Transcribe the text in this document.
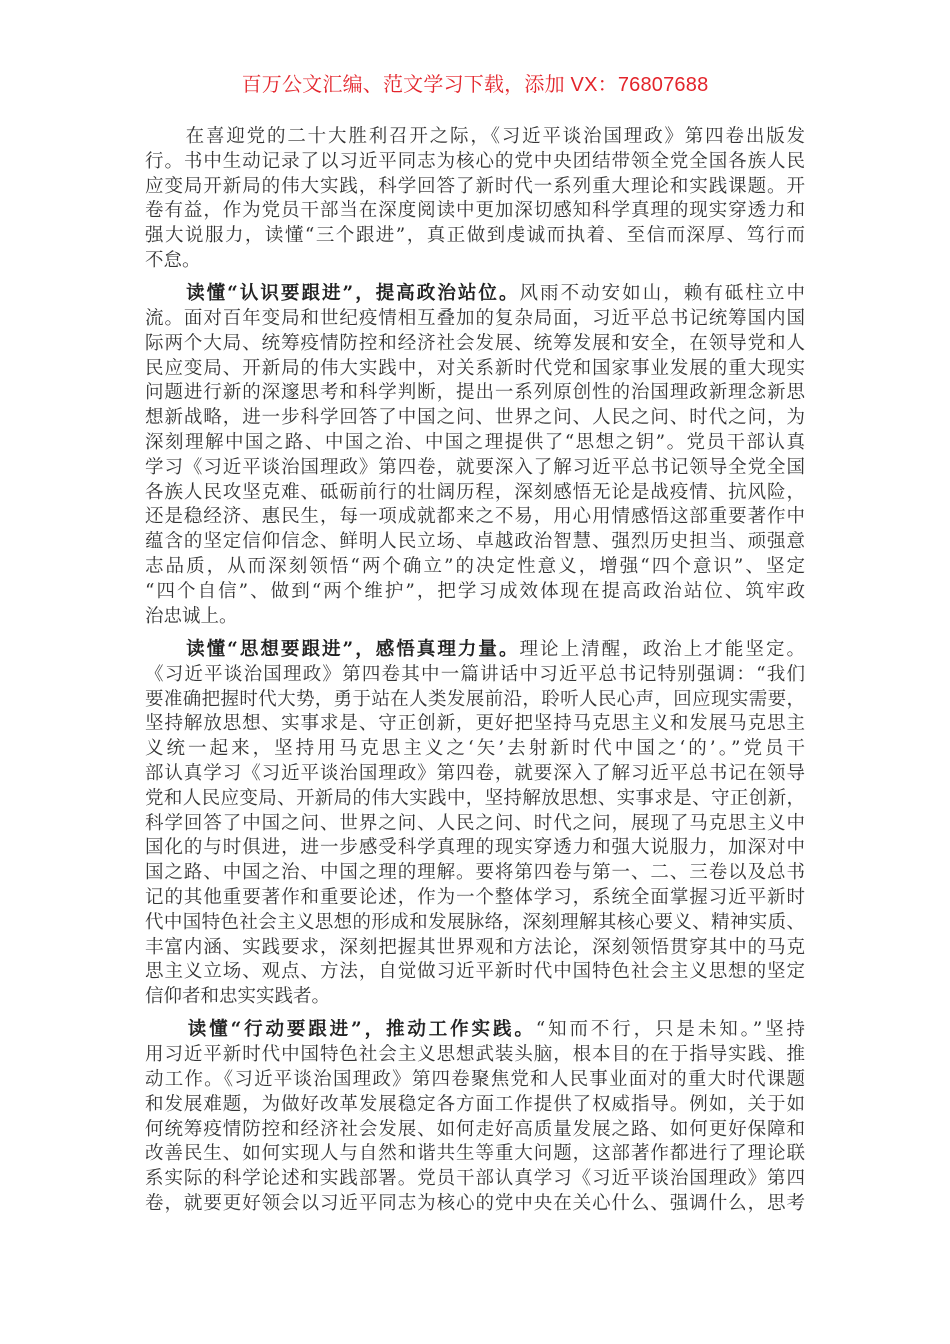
百万公文汇编、范文学习下载，添加 VX：76807688
　　在喜迎党的二十大胜利召开之际，《习近平谈治国理政》第四卷出版发
行。书中生动记录了以习近平同志为核心的党中央团结带领全党全国各族人民
应变局开新局的伟大实践，科学回答了新时代一系列重大理论和实践课题。开
卷有益，作为党员干部当在深度阅读中更加深切感知科学真理的现实穿透力和
强大说服力，读懂“三个跟进”，真正做到虔诚而执着、至信而深厚、笃行而
不怠。
　　读懂“认识要跟进”，提高政治站位。风雨不动安如山，赖有砥柱立中
流。面对百年变局和世纪疫情相互叠加的复杂局面，习近平总书记统筹国内国
际两个大局、统筹疫情防控和经济社会发展、统筹发展和安全，在领导党和人
民应变局、开新局的伟大实践中，对关系新时代党和国家事业发展的重大现实
问题进行新的深邃思考和科学判断，提出一系列原创性的治国理政新理念新思
想新战略，进一步科学回答了中国之问、世界之问、人民之问、时代之问，为
深刻理解中国之路、中国之治、中国之理提供了“思想之钥”。党员干部认真
学习《习近平谈治国理政》第四卷，就要深入了解习近平总书记领导全党全国
各族人民攻坚克难、砥砺前行的壮阔历程，深刻感悟无论是战疫情、抗风险，
还是稳经济、惠民生，每一项成就都来之不易，用心用情感悟这部重要著作中
蕴含的坚定信仰信念、鲜明人民立场、卓越政治智慧、强烈历史担当、顽强意
志品质，从而深刻领悟“两个确立”的决定性意义，增强“四个意识”、坚定
“四个自信”、做到“两个维护”，把学习成效体现在提高政治站位、筑牢政
治忠诚上。
　　读懂“思想要跟进”，感悟真理力量。理论上清醒，政治上才能坚定。
《习近平谈治国理政》第四卷其中一篇讲话中习近平总书记特别强调：“我们
要准确把握时代大势，勇于站在人类发展前沿，聆听人民心声，回应现实需要，
坚持解放思想、实事求是、守正创新，更好把坚持马克思主义和发展马克思主
义统一起来，坚持用马克思主义之‘矢’去射新时代中国之‘的’。”党员干
部认真学习《习近平谈治国理政》第四卷，就要深入了解习近平总书记在领导
党和人民应变局、开新局的伟大实践中，坚持解放思想、实事求是、守正创新，
科学回答了中国之问、世界之问、人民之问、时代之问，展现了马克思主义中
国化的与时俱进，进一步感受科学真理的现实穿透力和强大说服力，加深对中
国之路、中国之治、中国之理的理解。要将第四卷与第一、二、三卷以及总书
记的其他重要著作和重要论述，作为一个整体学习，系统全面掌握习近平新时
代中国特色社会主义思想的形成和发展脉络，深刻理解其核心要义、精神实质、
丰富内涵、实践要求，深刻把握其世界观和方法论，深刻领悟贯穿其中的马克
思主义立场、观点、方法，自觉做习近平新时代中国特色社会主义思想的坚定
信仰者和忠实实践者。
　　读懂“行动要跟进”，推动工作实践。“知而不行，只是未知。”坚持
用习近平新时代中国特色社会主义思想武装头脑，根本目的在于指导实践、推
动工作。《习近平谈治国理政》第四卷聚焦党和人民事业面对的重大时代课题
和发展难题，为做好改革发展稳定各方面工作提供了权威指导。例如，关于如
何统筹疫情防控和经济社会发展、如何走好高质量发展之路、如何更好保障和
改善民生、如何实现人与自然和谐共生等重大问题，这部著作都进行了理论联
系实际的科学论述和实践部署。党员干部认真学习《习近平谈治国理政》第四
卷，就要更好领会以习近平同志为核心的党中央在关心什么、强调什么，思考
